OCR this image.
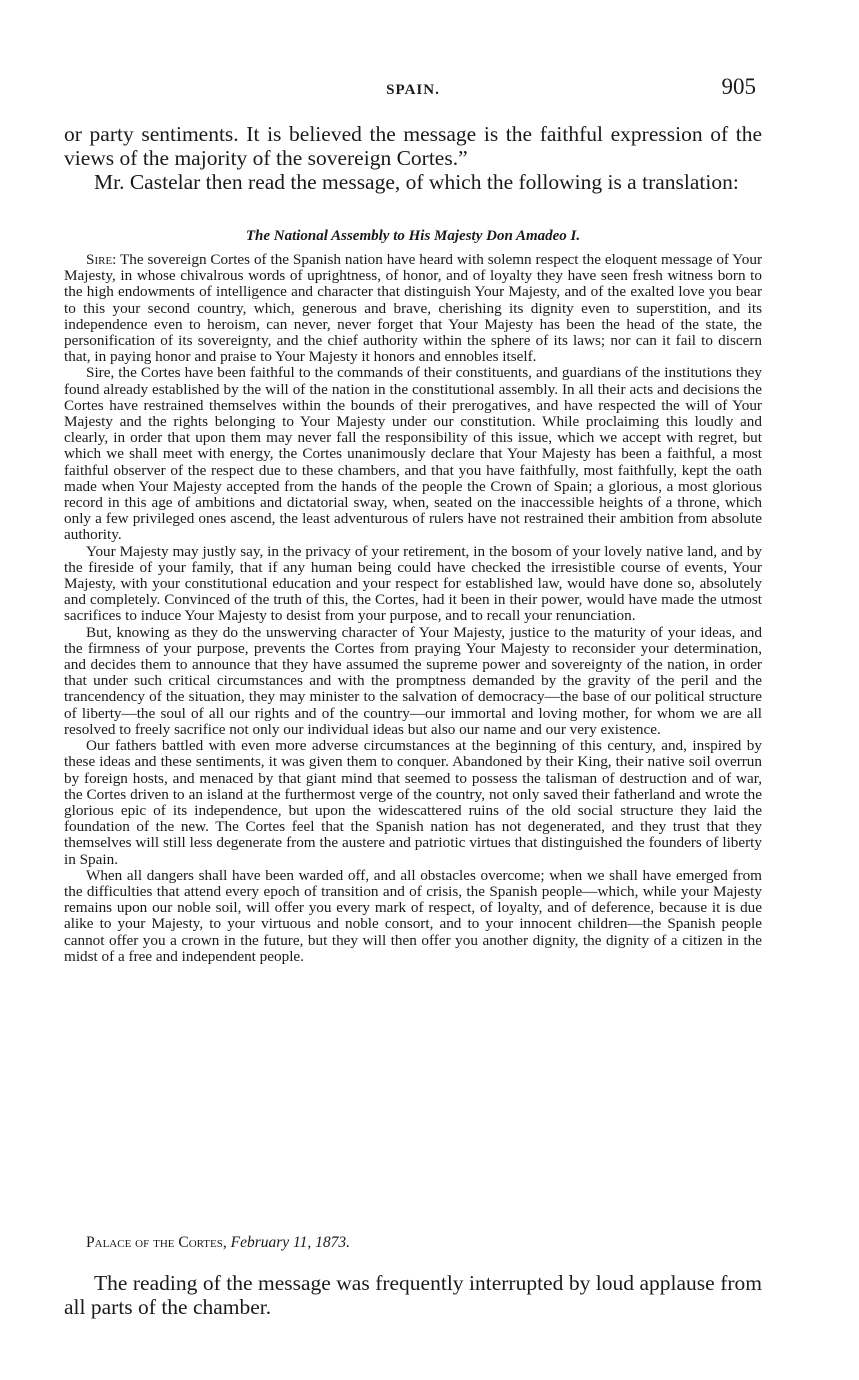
SPAIN.	905

or party sentiments. It is believed the message is the faithful expression of the views of the majority of the sovereign Cortes.”

Mr. Castelar then read the message, of which the following is a translation:

The National Assembly to His Majesty Don Amadeo I.

Sire: The sovereign Cortes of the Spanish nation have heard with solemn respect the eloquent message of Your Majesty, in whose chivalrous words of uprightness, of honor, and of loyalty they have seen fresh witness born to the high endowments of intelligence and character that distinguish Your Majesty, and of the exalted love you bear to this your second country, which, generous and brave, cherishing its dignity even to superstition, and its independence even to heroism, can never, never forget that Your Majesty has been the head of the state, the personification of its sovereignty, and the chief authority within the sphere of its laws; nor can it fail to discern that, in paying honor and praise to Your Majesty it honors and ennobles itself.

Sire, the Cortes have been faithful to the commands of their constituents, and guardians of the institutions they found already established by the will of the nation in the constitutional assembly. In all their acts and decisions the Cortes have restrained themselves within the bounds of their prerogatives, and have respected the will of Your Majesty and the rights belonging to Your Majesty under our constitution. While proclaiming this loudly and clearly, in order that upon them may never fall the responsibility of this issue, which we accept with regret, but which we shall meet with energy, the Cortes unanimously declare that Your Majesty has been a faithful, a most faithful observer of the respect due to these chambers, and that you have faithfully, most faithfully, kept the oath made when Your Majesty accepted from the hands of the people the Crown of Spain; a glorious, a most glorious record in this age of ambitions and dictatorial sway, when, seated on the inaccessible heights of a throne, which only a few privileged ones ascend, the least adventurous of rulers have not restrained their ambition from absolute authority.

Your Majesty may justly say, in the privacy of your retirement, in the bosom of your lovely native land, and by the fireside of your family, that if any human being could have checked the irresistible course of events, Your Majesty, with your constitutional education and your respect for established law, would have done so, absolutely and completely. Convinced of the truth of this, the Cortes, had it been in their power, would have made the utmost sacrifices to induce Your Majesty to desist from your purpose, and to recall your renunciation.

But, knowing as they do the unswerving character of Your Majesty, justice to the maturity of your ideas, and the firmness of your purpose, prevents the Cortes from praying Your Majesty to reconsider your determination, and decides them to announce that they have assumed the supreme power and sovereignty of the nation, in order that under such critical circumstances and with the promptness demanded by the gravity of the peril and the trancendency of the situation, they may minister to the salvation of democracy—the base of our political structure of liberty—the soul of all our rights and of the country—our immortal and loving mother, for whom we are all resolved to freely sacrifice not only our individual ideas but also our name and our very existence.

Our fathers battled with even more adverse circumstances at the beginning of this century, and, inspired by these ideas and these sentiments, it was given them to conquer. Abandoned by their King, their native soil overrun by foreign hosts, and menaced by that giant mind that seemed to possess the talisman of destruction and of war, the Cortes driven to an island at the furthermost verge of the country, not only saved their fatherland and wrote the glorious epic of its independence, but upon the widescattered ruins of the old social structure they laid the foundation of the new. The Cortes feel that the Spanish nation has not degenerated, and they trust that they themselves will still less degenerate from the austere and patriotic virtues that distinguished the founders of liberty in Spain.

When all dangers shall have been warded off, and all obstacles overcome; when we shall have emerged from the difficulties that attend every epoch of transition and of crisis, the Spanish people—which, while your Majesty remains upon our noble soil, will offer you every mark of respect, of loyalty, and of deference, because it is due alike to your Majesty, to your virtuous and noble consort, and to your innocent children—the Spanish people cannot offer you a crown in the future, but they will then offer you another dignity, the dignity of a citizen in the midst of a free and independent people.

Palace of the Cortes, February 11, 1873.

The reading of the message was frequently interrupted by loud applause from all parts of the chamber.
